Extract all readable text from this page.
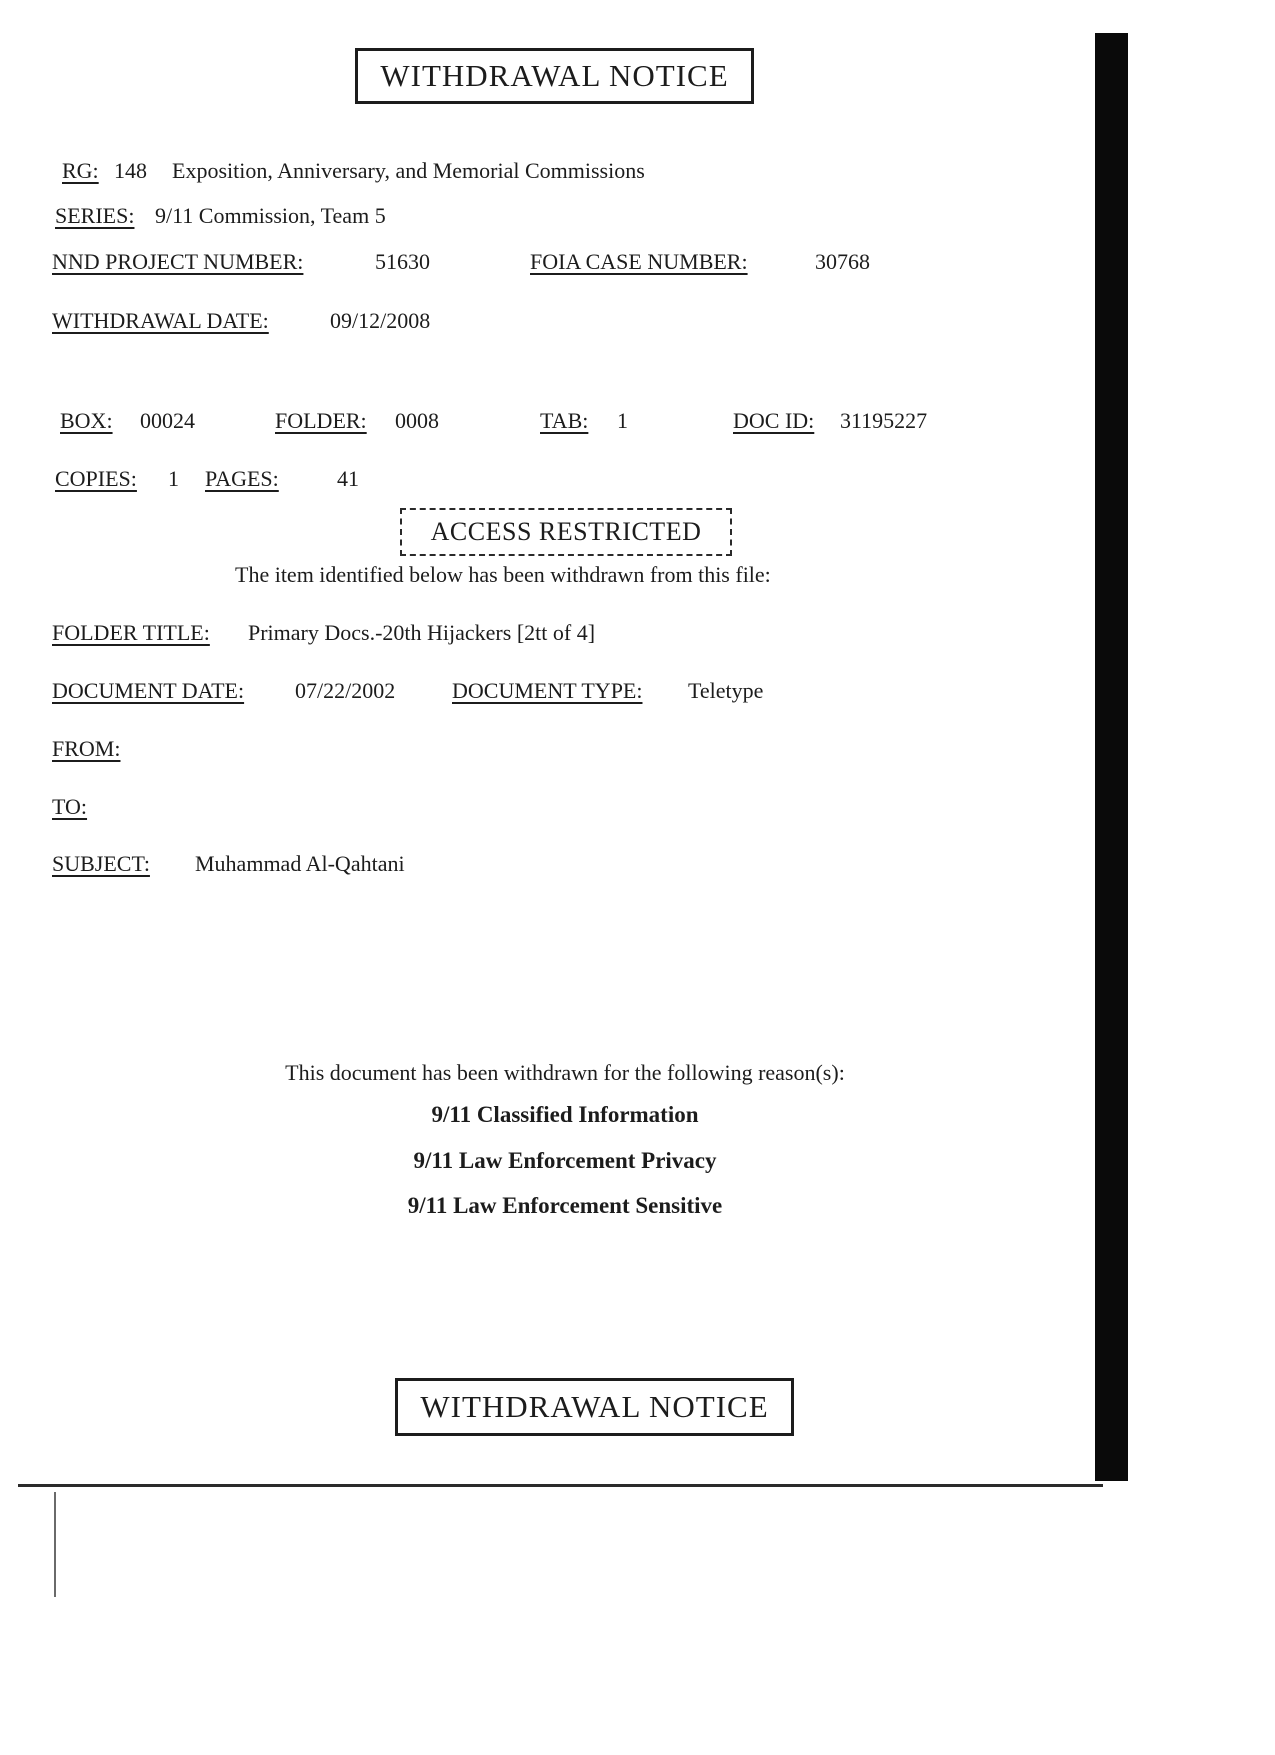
WITHDRAWAL NOTICE
RG: 148 Exposition, Anniversary, and Memorial Commissions
SERIES: 9/11 Commission, Team 5
NND PROJECT NUMBER:	51630	FOIA CASE NUMBER:	30768
WITHDRAWAL DATE:	09/12/2008
BOX: 00024	FOLDER: 0008	TAB: 1	DOC ID: 31195227
COPIES: 1 PAGES:	41
ACCESS RESTRICTED
The item identified below has been withdrawn from this file:
FOLDER TITLE: Primary Docs.-20th Hijackers [2tt of 4]
DOCUMENT DATE: 07/22/2002	DOCUMENT TYPE: Teletype
FROM:
TO:
SUBJECT: Muhammad Al-Qahtani
This document has been withdrawn for the following reason(s):
9/11 Classified Information
9/11 Law Enforcement Privacy
9/11 Law Enforcement Sensitive
WITHDRAWAL NOTICE
